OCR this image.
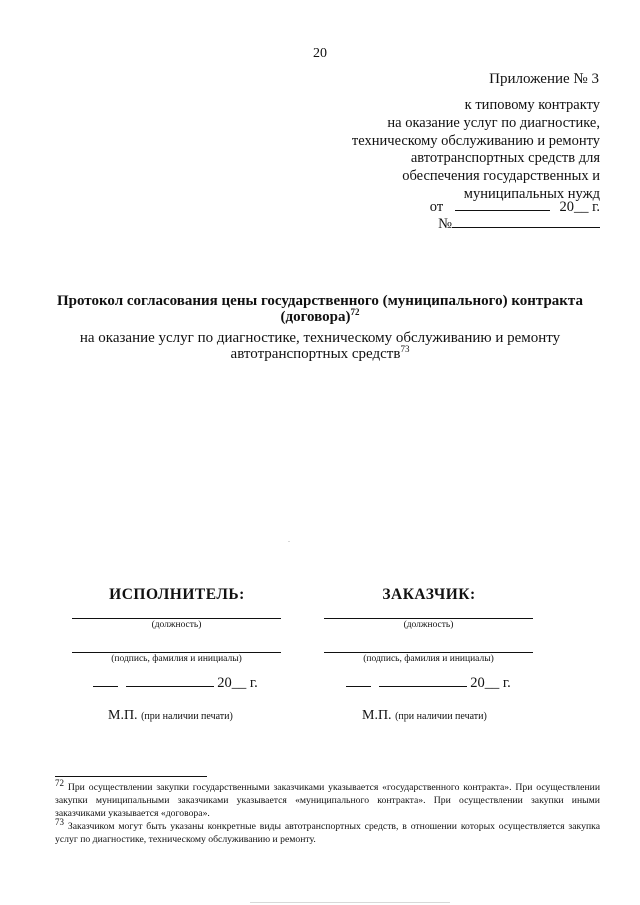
20
Приложение № 3
к типовому контракту
на оказание услуг по диагностике,
техническому обслуживанию и ремонту
автотранспортных средств для
обеспечения государственных и
муниципальных нужд
от	20__ г.
№
Протокол согласования цены государственного (муниципального) контракта
(договора)$^{72}$
на оказание услуг по диагностике, техническому обслуживанию и ремонту
автотранспортных средств$^{73}$
ИСПОЛНИТЕЛЬ:
(должность)
(подпись, фамилия и инициалы)
20__ г.
М.П. (при наличии печати)
ЗАКАЗЧИК:
(должность)
(подпись, фамилия и инициалы)
20__ г.
М.П. (при наличии печати)

$^{72}$ При осуществлении закупки государственными заказчиками указывается «государственного контракта». При осуществлении закупки муниципальными заказчиками указывается «муниципального контракта». При осуществлении закупки иными заказчиками указывается «договора».

$^{73}$ Заказчиком могут быть указаны конкретные виды автотранспортных средств, в отношении которых осуществляется закупка услуг по диагностике, техническому обслуживанию и ремонту.
